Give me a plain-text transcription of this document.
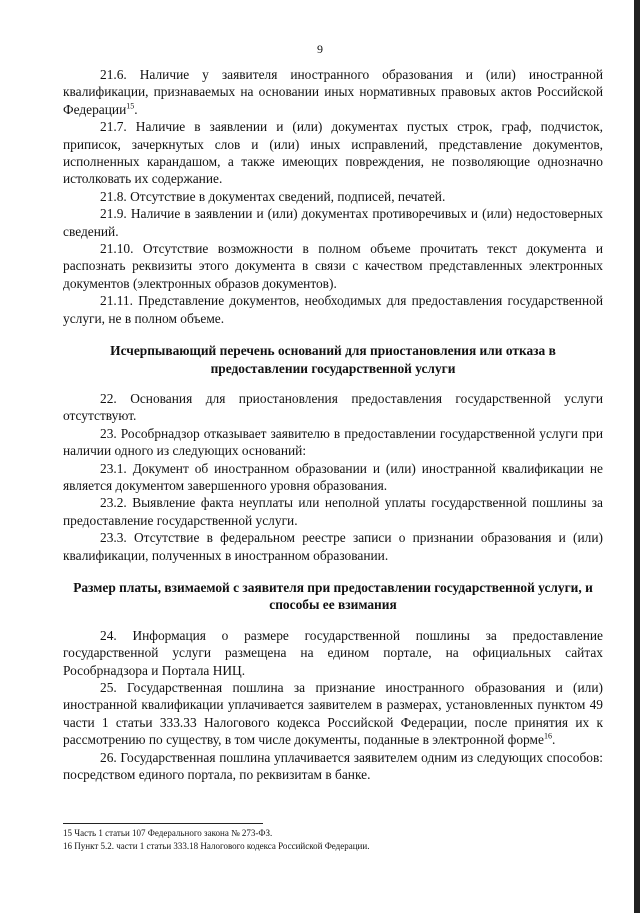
9

21.6. Наличие у заявителя иностранного образования и (или) иностранной квалификации, признаваемых на основании иных нормативных правовых актов Российской Федерации$^{15}$.

21.7. Наличие в заявлении и (или) документах пустых строк, граф, подчисток, приписок, зачеркнутых слов и (или) иных исправлений, представление документов, исполненных карандашом, а также имеющих повреждения, не позволяющие однозначно истолковать их содержание.

21.8. Отсутствие в документах сведений, подписей, печатей.

21.9. Наличие в заявлении и (или) документах противоречивых и (или) недостоверных сведений.

21.10. Отсутствие возможности в полном объеме прочитать текст документа и распознать реквизиты этого документа в связи с качеством представленных электронных документов (электронных образов документов).

21.11. Представление документов, необходимых для предоставления государственной услуги, не в полном объеме.

Исчерпывающий перечень оснований для приостановления или отказа в предоставлении государственной услуги

22. Основания для приостановления предоставления государственной услуги отсутствуют.

23. Рособрнадзор отказывает заявителю в предоставлении государственной услуги при наличии одного из следующих оснований:

23.1. Документ об иностранном образовании и (или) иностранной квалификации не является документом завершенного уровня образования.

23.2. Выявление факта неуплаты или неполной уплаты государственной пошлины за предоставление государственной услуги.

23.3. Отсутствие в федеральном реестре записи о признании образования и (или) квалификации, полученных в иностранном образовании.

Размер платы, взимаемой с заявителя при предоставлении государственной услуги, и способы ее взимания

24. Информация о размере государственной пошлины за предоставление государственной услуги размещена на едином портале, на официальных сайтах Рособрнадзора и Портала НИЦ.

25. Государственная пошлина за признание иностранного образования и (или) иностранной квалификации уплачивается заявителем в размерах, установленных пунктом 49 части 1 статьи 333.33 Налогового кодекса Российской Федерации, после принятия их к рассмотрению по существу, в том числе документы, поданные в электронной форме$^{16}$.

26. Государственная пошлина уплачивается заявителем одним из следующих способов: посредством единого портала, по реквизитам в банке.

15 Часть 1 статьи 107 Федерального закона № 273-ФЗ.
16 Пункт 5.2. части 1 статьи 333.18 Налогового кодекса Российской Федерации.
